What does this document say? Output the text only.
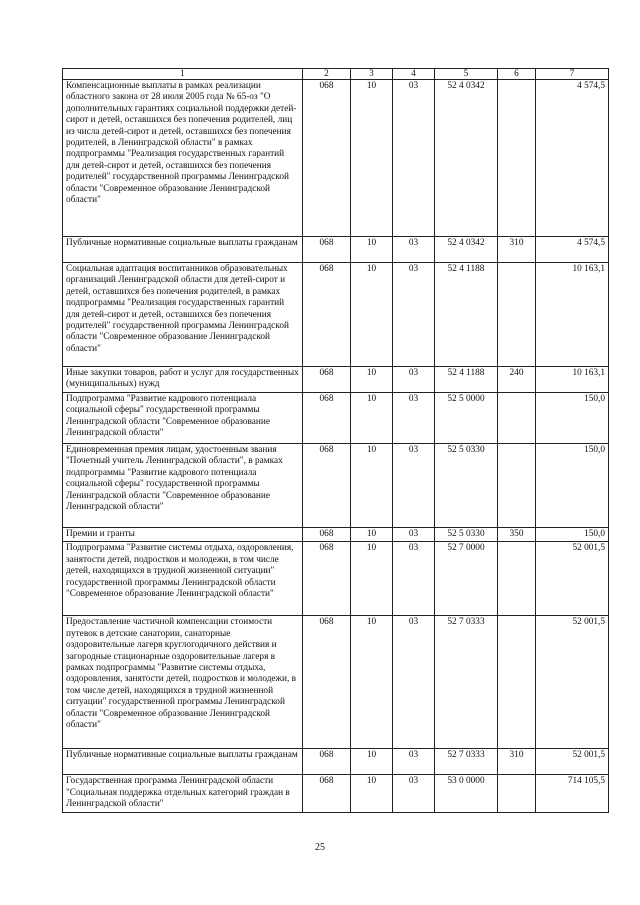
1	2	3	4	5	6	7
Компенсационные выплаты в рамках реализации областного закона от 28 июля 2005 года № 65-оз "О дополнительных гарантиях социальной поддержки детей-сирот и детей, оставшихся без попечения родителей, лиц из числа детей-сирот и детей, оставшихся без попечения родителей, в Ленинградской области" в рамках подпрограммы "Реализация государственных гарантий для детей-сирот и детей, оставшихся без попечения родителей" государственной программы Ленинградской области "Современное образование Ленинградской области"	068	10	03	52 4 0342		4 574,5
Публичные нормативные социальные выплаты гражданам	068	10	03	52 4 0342	310	4 574,5
Социальная адаптация воспитанников образовательных организаций Ленинградской области для детей-сирот и детей, оставшихся без попечения родителей, в рамках подпрограммы "Реализация государственных гарантий для детей-сирот и детей, оставшихся без попечения родителей" государственной программы Ленинградской области "Современное образование Ленинградской области"	068	10	03	52 4 1188		10 163,1
Иные закупки товаров, работ и услуг для государственных (муниципальных) нужд	068	10	03	52 4 1188	240	10 163,1
Подпрограмма "Развитие кадрового потенциала социальной сферы" государственной программы Ленинградской области "Современное образование Ленинградской области"	068	10	03	52 5 0000		150,0
Единовременная премия лицам, удостоенным звания "Почетный учитель Ленинградской области", в рамках подпрограммы "Развитие кадрового потенциала социальной сферы" государственной программы Ленинградской области "Современное образование Ленинградской области"	068	10	03	52 5 0330		150,0
Премии и гранты	068	10	03	52 5 0330	350	150,0
Подпрограмма "Развитие системы отдыха, оздоровления, занятости детей, подростков и молодежи, в том числе детей, находящихся в трудной жизненной ситуации" государственной программы Ленинградской области "Современное образование Ленинградской области"	068	10	03	52 7 0000		52 001,5
Предоставление частичной компенсации стоимости путевок в детские санатории, санаторные оздоровительные лагеря круглогодичного действия и загородные стационарные оздоровительные лагеря в рамках подпрограммы "Развитие системы отдыха, оздоровления, занятости детей, подростков и молодежи, в том числе детей, находящихся в трудной жизненной ситуации" государственной программы Ленинградской области "Современное образование Ленинградской области"	068	10	03	52 7 0333		52 001,5
Публичные нормативные социальные выплаты гражданам	068	10	03	52 7 0333	310	52 001,5
Государственная программа Ленинградской области "Социальная поддержка отдельных категорий граждан в Ленинградской области"	068	10	03	53 0 0000		714 105,5
25
